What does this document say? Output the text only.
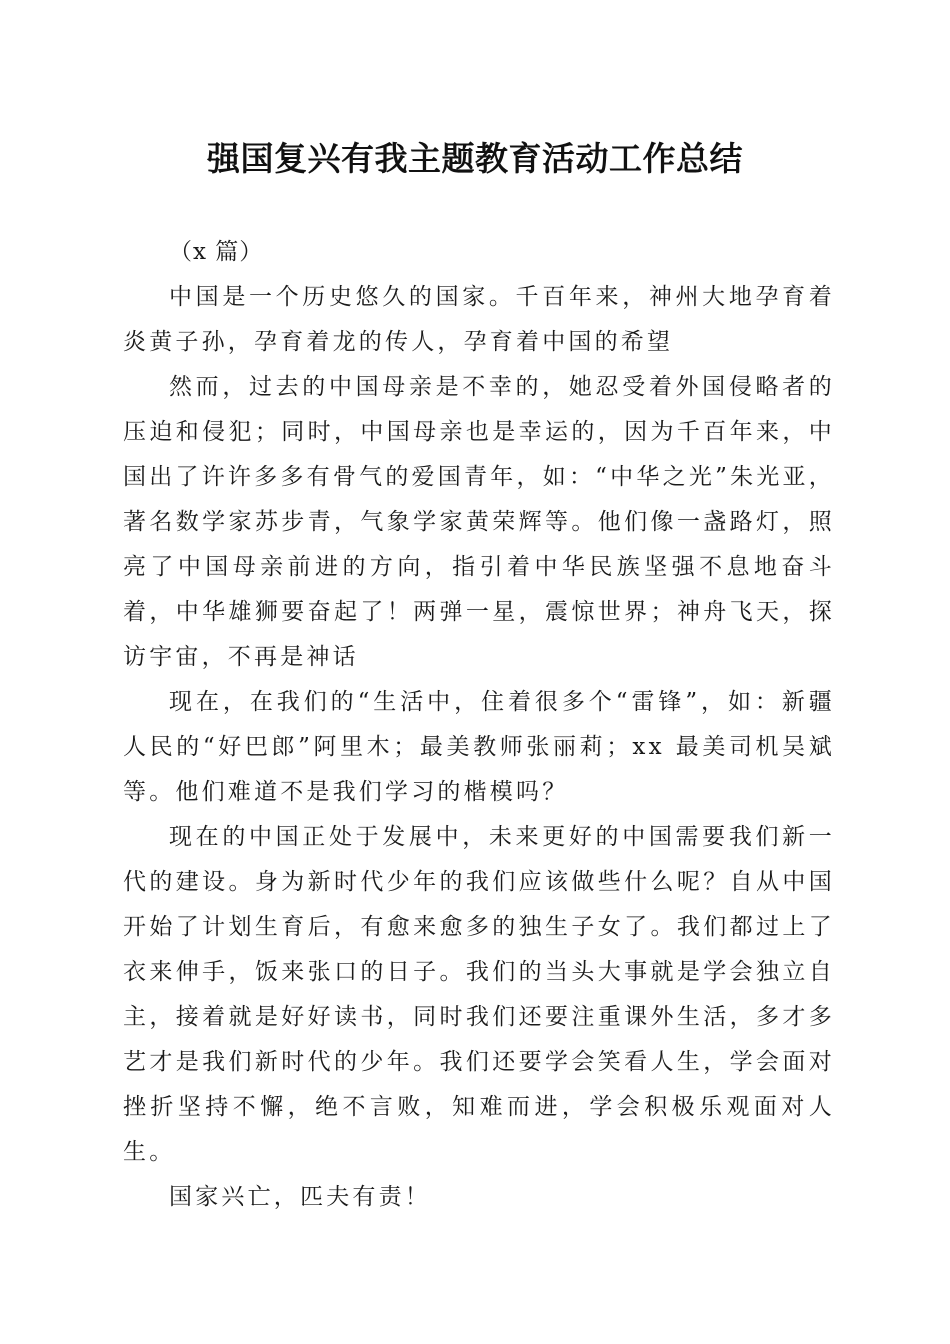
强国复兴有我主题教育活动工作总结

（x 篇）

中国是一个历史悠久的国家。千百年来，神州大地孕育着炎黄子孙，孕育着龙的传人，孕育着中国的希望

然而，过去的中国母亲是不幸的，她忍受着外国侵略者的压迫和侵犯；同时，中国母亲也是幸运的，因为千百年来，中国出了许许多多有骨气的爱国青年，如：“中华之光”朱光亚，著名数学家苏步青，气象学家黄荣辉等。他们像一盏路灯，照亮了中国母亲前进的方向，指引着中华民族坚强不息地奋斗着，中华雄狮要奋起了！两弹一星，震惊世界；神舟飞天，探访宇宙，不再是神话

现在，在我们的“生活中，住着很多个“雷锋”，如：新疆人民的“好巴郎”阿里木；最美教师张丽莉；xx 最美司机吴斌等。他们难道不是我们学习的楷模吗？

现在的中国正处于发展中，未来更好的中国需要我们新一代的建设。身为新时代少年的我们应该做些什么呢？自从中国开始了计划生育后，有愈来愈多的独生子女了。我们都过上了衣来伸手，饭来张口的日子。我们的当头大事就是学会独立自主，接着就是好好读书，同时我们还要注重课外生活，多才多艺才是我们新时代的少年。我们还要学会笑看人生，学会面对挫折坚持不懈，绝不言败，知难而进，学会积极乐观面对人生。

国家兴亡，匹夫有责！
